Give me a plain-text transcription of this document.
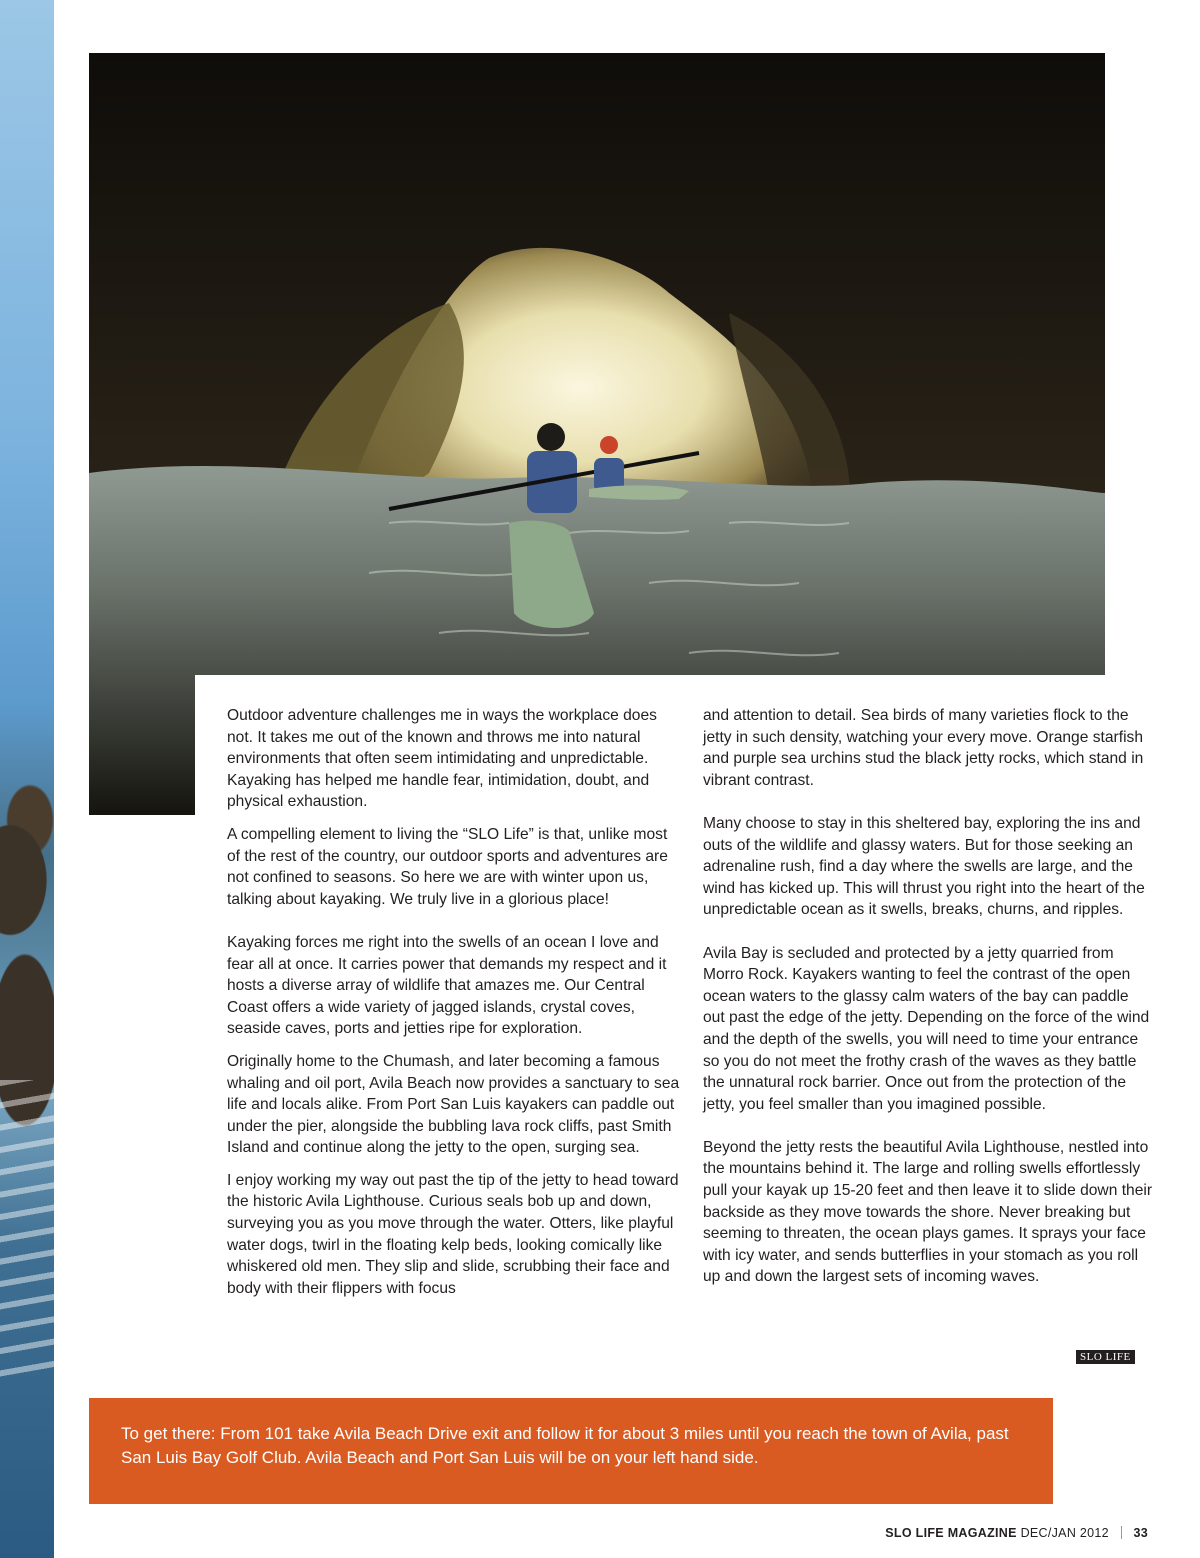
Outdoor adventure challenges me in ways the workplace does not. It takes me out of the known and throws me into natural environments that often seem intimidating and unpredictable. Kayaking has helped me handle fear, intimidation, doubt, and physical exhaustion.

A compelling element to living the “SLO Life” is that, unlike most of the rest of the country, our outdoor sports and adventures are not confined to seasons. So here we are with winter upon us, talking about kayaking. We truly live in a glorious place!

Kayaking forces me right into the swells of an ocean I love and fear all at once. It carries power that demands my respect and it hosts a diverse array of wildlife that amazes me. Our Central Coast offers a wide variety of jagged islands, crystal coves, seaside caves, ports and jetties ripe for exploration.

Originally home to the Chumash, and later becoming a famous whaling and oil port, Avila Beach now provides a sanctuary to sea life and locals alike. From Port San Luis kayakers can paddle out under the pier, alongside the bubbling lava rock cliffs, past Smith Island and continue along the jetty to the open, surging sea.

I enjoy working my way out past the tip of the jetty to head toward the historic Avila Lighthouse. Curious seals bob up and down, surveying you as you move through the water. Otters, like playful water dogs, twirl in the floating kelp beds, looking comically like whiskered old men. They slip and slide, scrubbing their face and body with their flippers with focus

and attention to detail. Sea birds of many varieties flock to the jetty in such density, watching your every move. Orange starfish and purple sea urchins stud the black jetty rocks, which stand in vibrant contrast.

Many choose to stay in this sheltered bay, exploring the ins and outs of the wildlife and glassy waters. But for those seeking an adrenaline rush, find a day where the swells are large, and the wind has kicked up. This will thrust you right into the heart of the unpredictable ocean as it swells, breaks, churns, and ripples.

Avila Bay is secluded and protected by a jetty quarried from Morro Rock. Kayakers wanting to feel the contrast of the open ocean waters to the glassy calm waters of the bay can paddle out past the edge of the jetty. Depending on the force of the wind and the depth of the swells, you will need to time your entrance so you do not meet the frothy crash of the waves as they battle the unnatural rock barrier. Once out from the protection of the jetty, you feel smaller than you imagined possible.

Beyond the jetty rests the beautiful Avila Lighthouse, nestled into the mountains behind it. The large and rolling swells effortlessly pull your kayak up 15-20 feet and then leave it to slide down their backside as they move towards the shore. Never breaking but seeming to threaten, the ocean plays games. It sprays your face with icy water, and sends butterflies in your stomach as you roll up and down the largest sets of incoming waves.

SLO LIFE
To get there: From 101 take Avila Beach Drive exit and follow it for about 3 miles until you reach the town of Avila, past San Luis Bay Golf Club. Avila Beach and Port San Luis will be on your left hand side.
SLO LIFE MAGAZINE DEC/JAN 2012 33
